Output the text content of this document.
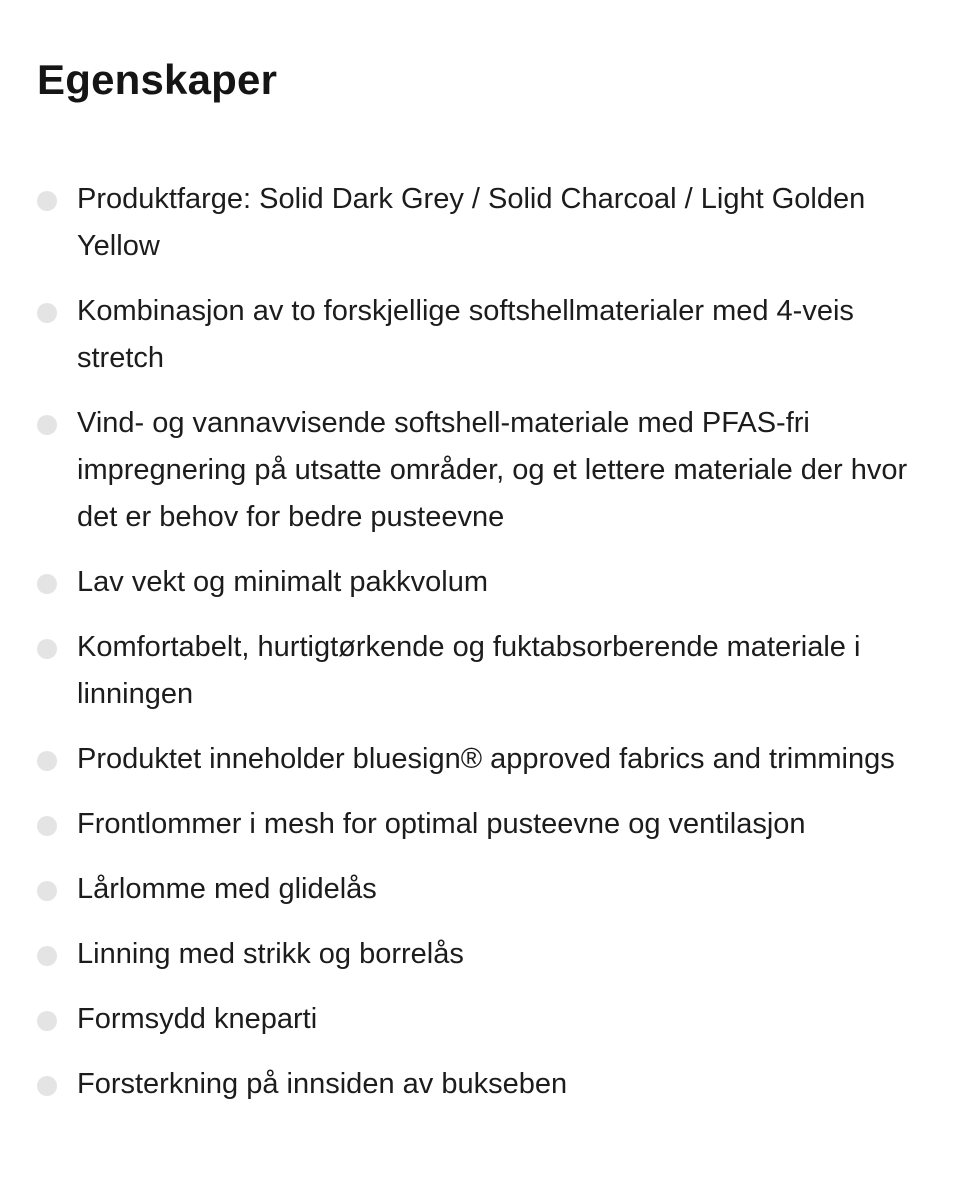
Egenskaper
Produktfarge: Solid Dark Grey / Solid Charcoal / Light Golden Yellow
Kombinasjon av to forskjellige softshellmaterialer med 4-veis stretch
Vind- og vannavvisende softshell-materiale med PFAS-fri impregnering på utsatte områder, og et lettere materiale der hvor det er behov for bedre pusteevne
Lav vekt og minimalt pakkvolum
Komfortabelt, hurtigtørkende og fuktabsorberende materiale i linningen
Produktet inneholder bluesign® approved fabrics and trimmings
Frontlommer i mesh for optimal pusteevne og ventilasjon
Lårlomme med glidelås
Linning med strikk og borrelås
Formsydd kneparti
Forsterkning på innsiden av bukseben
